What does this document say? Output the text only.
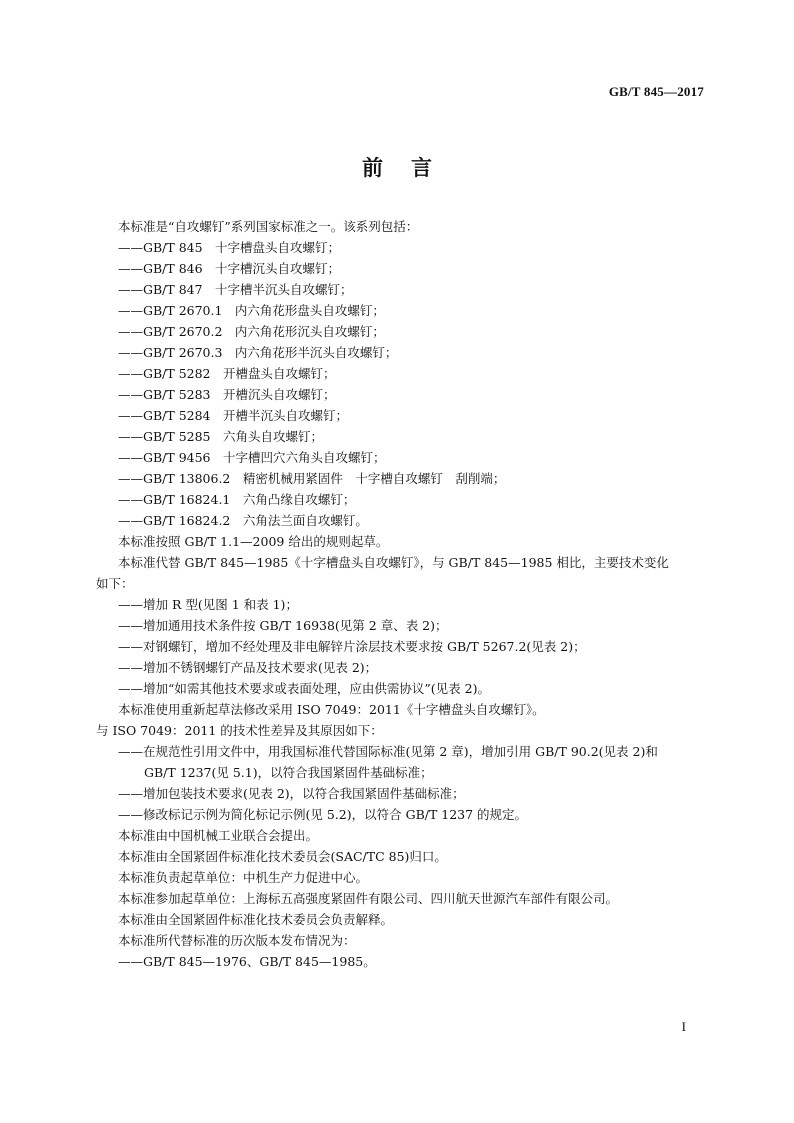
GB/T 845—2017
前言
本标准是“自攻螺钉”系列国家标准之一。该系列包括：
——GB/T 845　十字槽盘头自攻螺钉；
——GB/T 846　十字槽沉头自攻螺钉；
——GB/T 847　十字槽半沉头自攻螺钉；
——GB/T 2670.1　内六角花形盘头自攻螺钉；
——GB/T 2670.2　内六角花形沉头自攻螺钉；
——GB/T 2670.3　内六角花形半沉头自攻螺钉；
——GB/T 5282　开槽盘头自攻螺钉；
——GB/T 5283　开槽沉头自攻螺钉；
——GB/T 5284　开槽半沉头自攻螺钉；
——GB/T 5285　六角头自攻螺钉；
——GB/T 9456　十字槽凹穴六角头自攻螺钉；
——GB/T 13806.2　精密机械用紧固件　十字槽自攻螺钉　刮削端；
——GB/T 16824.1　六角凸缘自攻螺钉；
——GB/T 16824.2　六角法兰面自攻螺钉。
本标准按照 GB/T 1.1—2009 给出的规则起草。
本标准代替 GB/T 845—1985《十字槽盘头自攻螺钉》，与 GB/T 845—1985 相比，主要技术变化
如下：
——增加 R 型(见图 1 和表 1)；
——增加通用技术条件按 GB/T 16938(见第 2 章、表 2)；
——对钢螺钉，增加不经处理及非电解锌片涂层技术要求按 GB/T 5267.2(见表 2)；
——增加不锈钢螺钉产品及技术要求(见表 2)；
——增加“如需其他技术要求或表面处理，应由供需协议”(见表 2)。
本标准使用重新起草法修改采用 ISO 7049：2011《十字槽盘头自攻螺钉》。
与 ISO 7049：2011 的技术性差异及其原因如下：
——在规范性引用文件中，用我国标准代替国际标准(见第 2 章)，增加引用 GB/T 90.2(见表 2)和
GB/T 1237(见 5.1)，以符合我国紧固件基础标准；
——增加包装技术要求(见表 2)，以符合我国紧固件基础标准；
——修改标记示例为简化标记示例(见 5.2)，以符合 GB/T 1237 的规定。
本标准由中国机械工业联合会提出。
本标准由全国紧固件标准化技术委员会(SAC/TC 85)归口。
本标准负责起草单位：中机生产力促进中心。
本标准参加起草单位：上海标五高强度紧固件有限公司、四川航天世源汽车部件有限公司。
本标准由全国紧固件标准化技术委员会负责解释。
本标准所代替标准的历次版本发布情况为：
——GB/T 845—1976、GB/T 845—1985。
I
